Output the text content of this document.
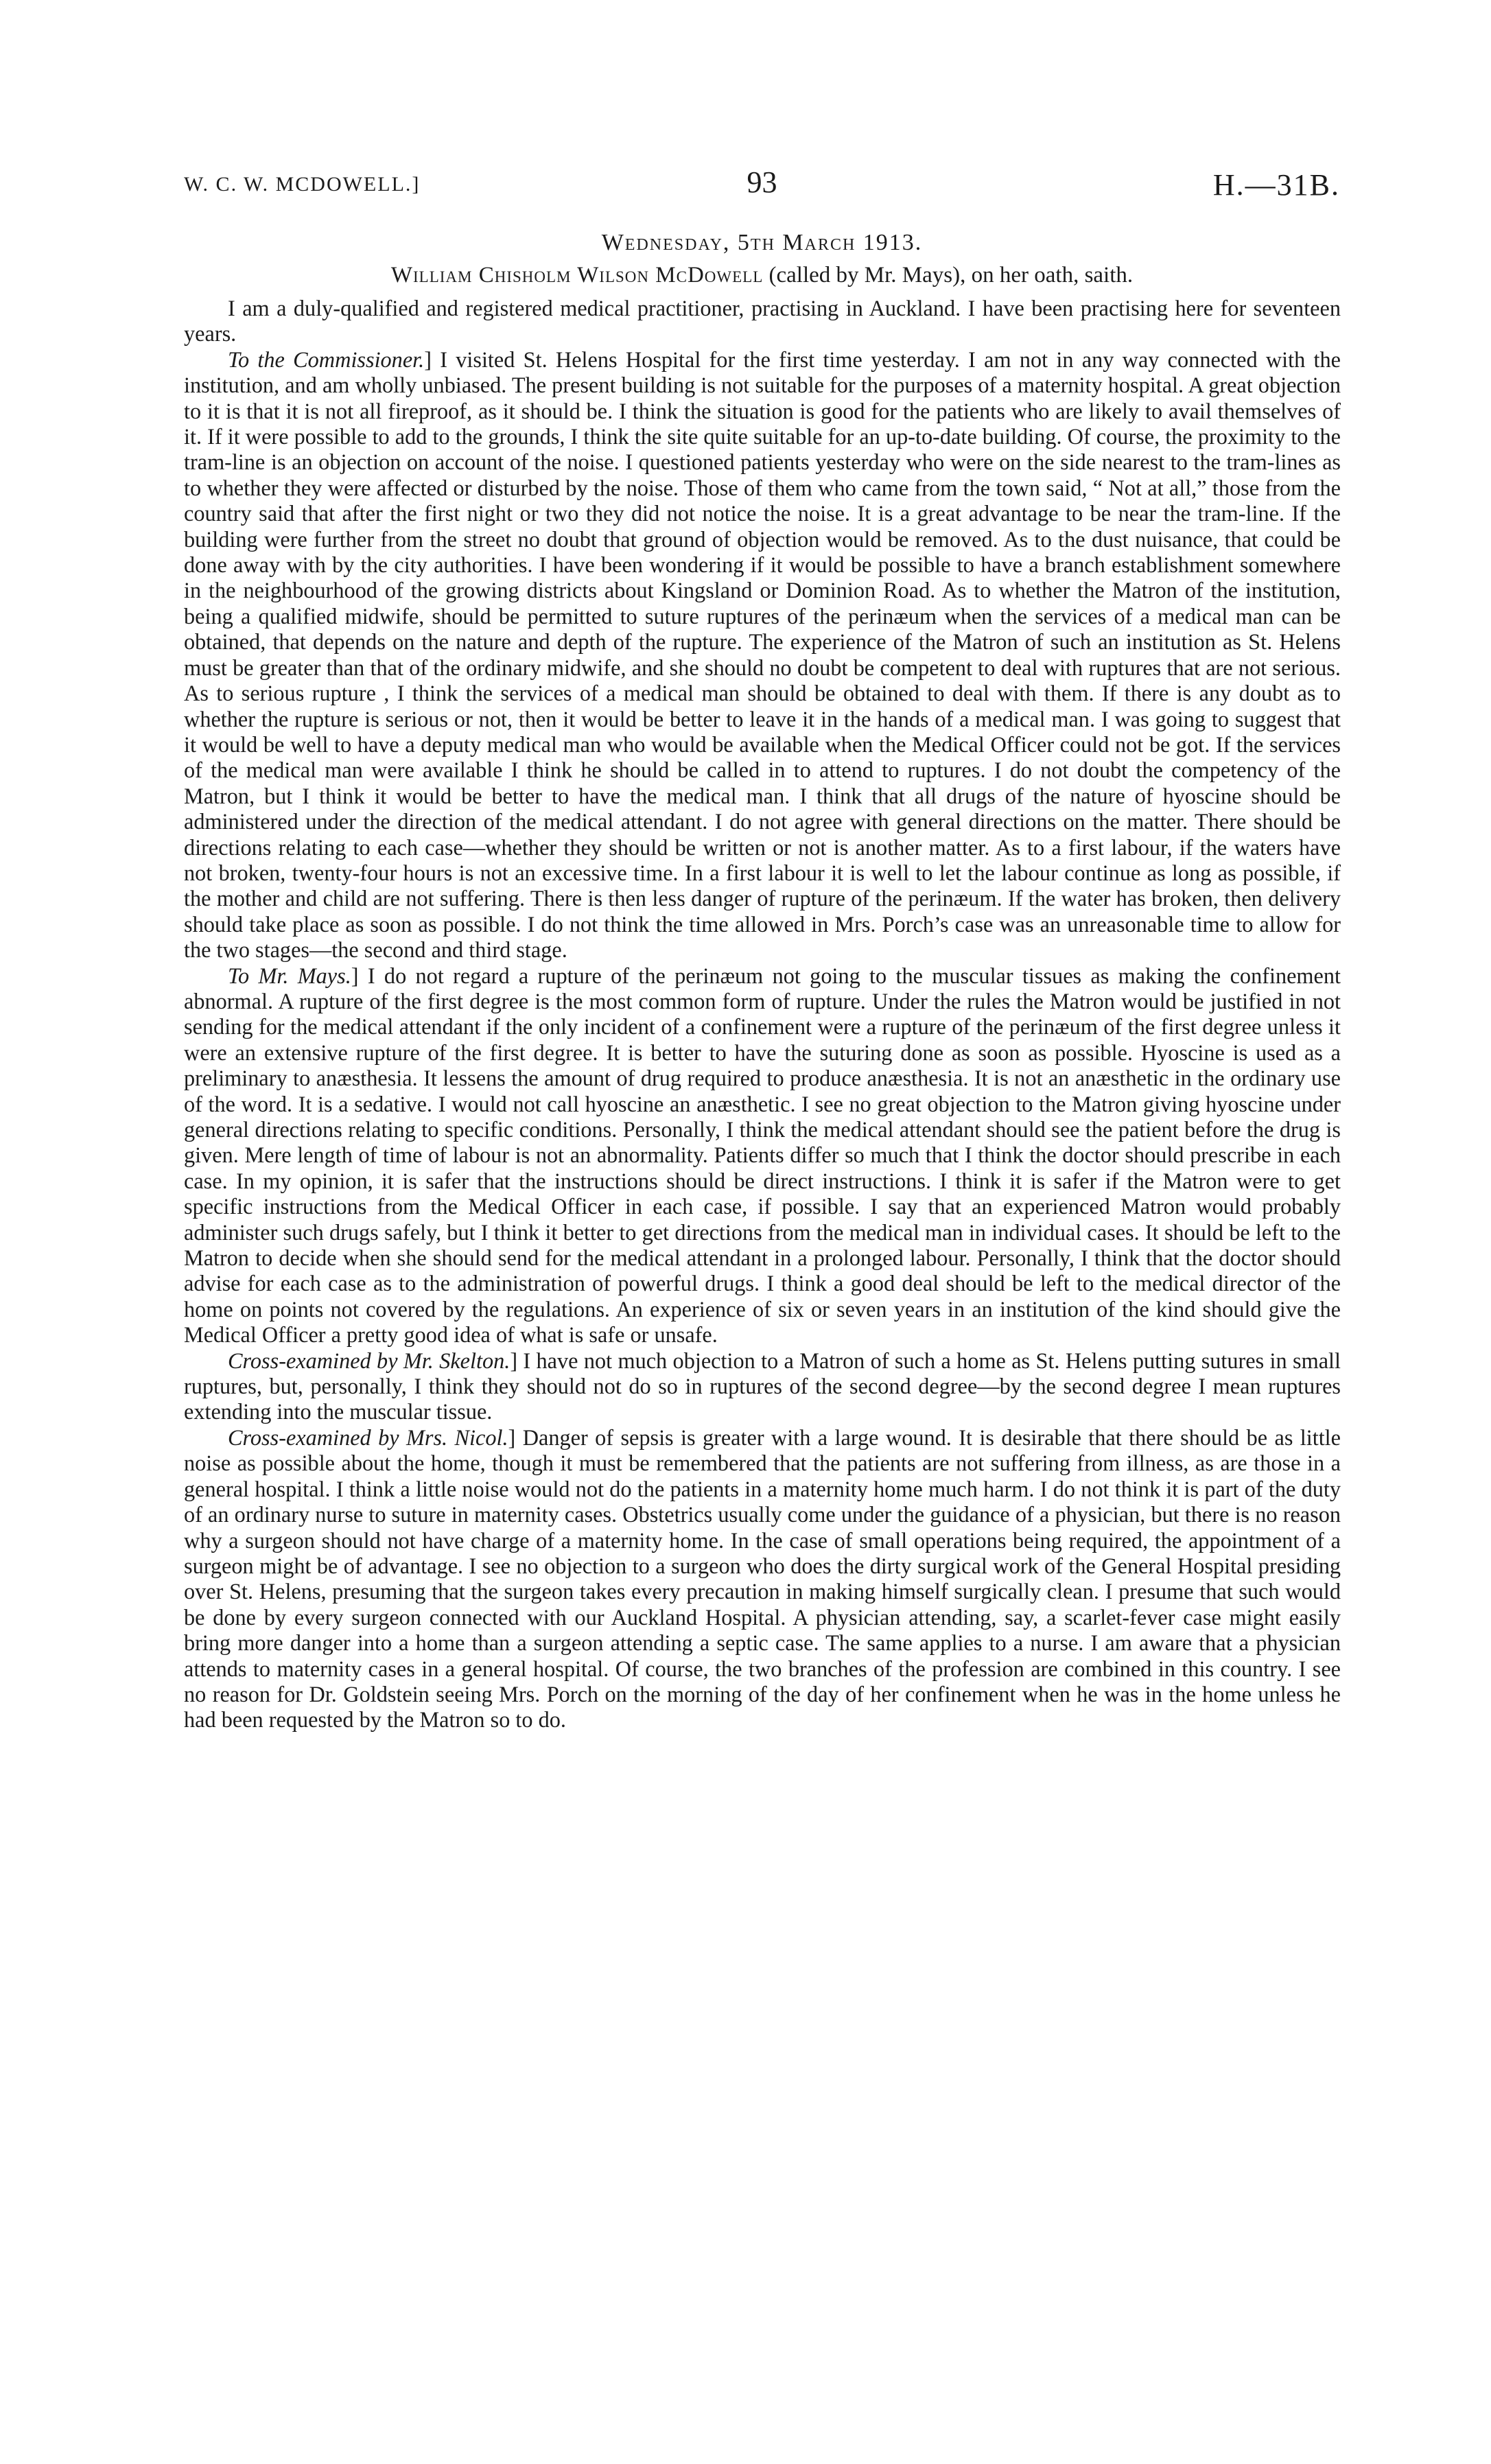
W. C. W. MCDOWELL.]	93	H.—31B.
Wednesday, 5th March 1913.
William Chisholm Wilson McDowell (called by Mr. Mays), on her oath, saith.

I am a duly-qualified and registered medical practitioner, practising in Auckland. I have been practising here for seventeen years.

To the Commissioner.] I visited St. Helens Hospital for the first time yesterday. I am not in any way connected with the institution, and am wholly unbiased. The present building is not suitable for the purposes of a maternity hospital. A great objection to it is that it is not all fireproof, as it should be. I think the situation is good for the patients who are likely to avail themselves of it. If it were possible to add to the grounds, I think the site quite suitable for an up-to-date building. Of course, the proximity to the tram-line is an objection on account of the noise. I questioned patients yesterday who were on the side nearest to the tram-lines as to whether they were affected or disturbed by the noise. Those of them who came from the town said, “ Not at all,” those from the country said that after the first night or two they did not notice the noise. It is a great advantage to be near the tram-line. If the building were further from the street no doubt that ground of objection would be removed. As to the dust nuisance, that could be done away with by the city authorities. I have been wondering if it would be possible to have a branch establishment somewhere in the neighbourhood of the growing districts about Kingsland or Dominion Road. As to whether the Matron of the institution, being a qualified midwife, should be permitted to suture ruptures of the perinæum when the services of a medical man can be obtained, that depends on the nature and depth of the rupture. The experience of the Matron of such an institution as St. Helens must be greater than that of the ordinary midwife, and she should no doubt be competent to deal with ruptures that are not serious. As to serious rupture , I think the services of a medical man should be obtained to deal with them. If there is any doubt as to whether the rupture is serious or not, then it would be better to leave it in the hands of a medical man. I was going to suggest that it would be well to have a deputy medical man who would be available when the Medical Officer could not be got. If the services of the medical man were available I think he should be called in to attend to ruptures. I do not doubt the competency of the Matron, but I think it would be better to have the medical man. I think that all drugs of the nature of hyoscine should be administered under the direction of the medical attendant. I do not agree with general directions on the matter. There should be directions relating to each case—whether they should be written or not is another matter. As to a first labour, if the waters have not broken, twenty-four hours is not an excessive time. In a first labour it is well to let the labour continue as long as possible, if the mother and child are not suffering. There is then less danger of rupture of the perinæum. If the water has broken, then delivery should take place as soon as possible. I do not think the time allowed in Mrs. Porch’s case was an unreasonable time to allow for the two stages—the second and third stage.

To Mr. Mays.] I do not regard a rupture of the perinæum not going to the muscular tissues as making the confinement abnormal. A rupture of the first degree is the most common form of rupture. Under the rules the Matron would be justified in not sending for the medical attendant if the only incident of a confinement were a rupture of the perinæum of the first degree unless it were an extensive rupture of the first degree. It is better to have the suturing done as soon as possible. Hyoscine is used as a preliminary to anæsthesia. It lessens the amount of drug required to produce anæsthesia. It is not an anæsthetic in the ordinary use of the word. It is a sedative. I would not call hyoscine an anæsthetic. I see no great objection to the Matron giving hyoscine under general directions relating to specific conditions. Personally, I think the medical attendant should see the patient before the drug is given. Mere length of time of labour is not an abnormality. Patients differ so much that I think the doctor should prescribe in each case. In my opinion, it is safer that the instructions should be direct instructions. I think it is safer if the Matron were to get specific instructions from the Medical Officer in each case, if possible. I say that an experienced Matron would probably administer such drugs safely, but I think it better to get directions from the medical man in individual cases. It should be left to the Matron to decide when she should send for the medical attendant in a prolonged labour. Personally, I think that the doctor should advise for each case as to the administration of powerful drugs. I think a good deal should be left to the medical director of the home on points not covered by the regulations. An experience of six or seven years in an institution of the kind should give the Medical Officer a pretty good idea of what is safe or unsafe.

Cross-examined by Mr. Skelton.] I have not much objection to a Matron of such a home as St. Helens putting sutures in small ruptures, but, personally, I think they should not do so in ruptures of the second degree—by the second degree I mean ruptures extending into the muscular tissue.

Cross-examined by Mrs. Nicol.] Danger of sepsis is greater with a large wound. It is desirable that there should be as little noise as possible about the home, though it must be remembered that the patients are not suffering from illness, as are those in a general hospital. I think a little noise would not do the patients in a maternity home much harm. I do not think it is part of the duty of an ordinary nurse to suture in maternity cases. Obstetrics usually come under the guidance of a physician, but there is no reason why a surgeon should not have charge of a maternity home. In the case of small operations being required, the appointment of a surgeon might be of advantage. I see no objection to a surgeon who does the dirty surgical work of the General Hospital presiding over St. Helens, presuming that the surgeon takes every precaution in making himself surgically clean. I presume that such would be done by every surgeon connected with our Auckland Hospital. A physician attending, say, a scarlet-fever case might easily bring more danger into a home than a surgeon attending a septic case. The same applies to a nurse. I am aware that a physician attends to maternity cases in a general hospital. Of course, the two branches of the profession are combined in this country. I see no reason for Dr. Goldstein seeing Mrs. Porch on the morning of the day of her confinement when he was in the home unless he had been requested by the Matron so to do.
